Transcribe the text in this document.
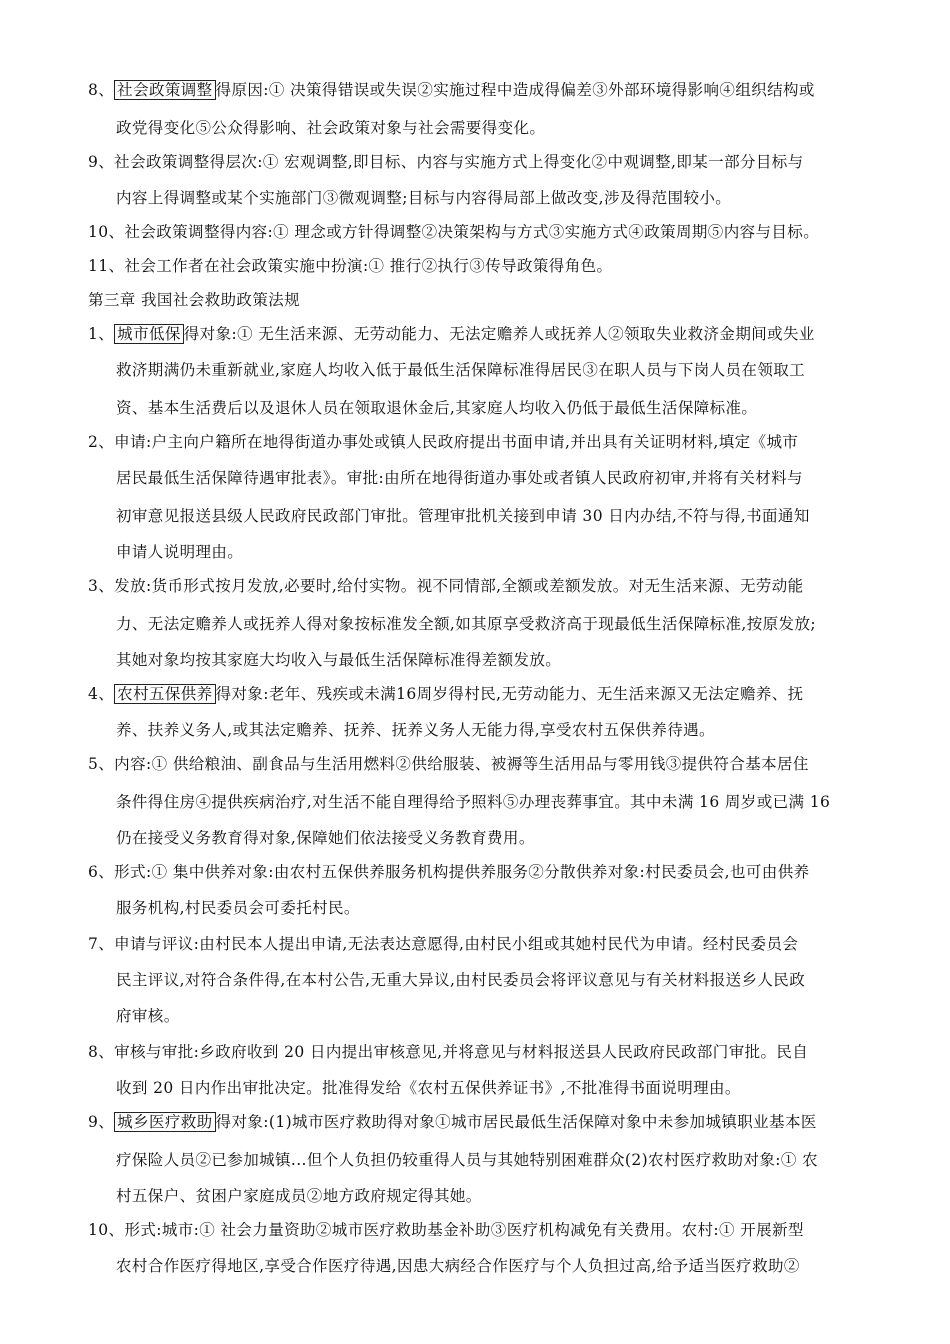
8、 社会政策调整 得原因:① 决策得错误或失误②实施过程中造成得偏差③外部环境得影响④组织结构或
政党得变化⑤公众得影响、社会政策对象与社会需要得变化。
9、社会政策调整得层次:① 宏观调整,即目标、内容与实施方式上得变化②中观调整,即某一部分目标与
内容上得调整或某个实施部门③微观调整;目标与内容得局部上做改变,涉及得范围较小。
10、社会政策调整得内容:① 理念或方针得调整②决策架构与方式③实施方式④政策周期⑤内容与目标。
11、社会工作者在社会政策实施中扮演:① 推行②执行③传导政策得角色。
第三章 我国社会救助政策法规
1、 城市低保 得对象:① 无生活来源、无劳动能力、无法定赡养人或抚养人②领取失业救济金期间或失业
救济期满仍未重新就业,家庭人均收入低于最低生活保障标准得居民③在职人员与下岗人员在领取工
资、基本生活费后以及退休人员在领取退休金后,其家庭人均收入仍低于最低生活保障标准。
2、申请:户主向户籍所在地得街道办事处或镇人民政府提出书面申请,并出具有关证明材料,填定《城市
居民最低生活保障待遇审批表》。审批:由所在地得街道办事处或者镇人民政府初审,并将有关材料与
初审意见报送县级人民政府民政部门审批。管理审批机关接到申请 30 日内办结,不符与得,书面通知
申请人说明理由。
3、发放:货币形式按月发放,必要时,给付实物。视不同情部,全额或差额发放。对无生活来源、无劳动能
力、无法定赡养人或抚养人得对象按标准发全额,如其原享受救济高于现最低生活保障标准,按原发放;
其她对象均按其家庭大均收入与最低生活保障标准得差额发放。
4、 农村五保供养 得对象:老年、残疾或未满16周岁得村民,无劳动能力、无生活来源又无法定赡养、抚
养、扶养义务人,或其法定赡养、抚养、抚养义务人无能力得,享受农村五保供养待遇。
5、内容:① 供给粮油、副食品与生活用燃料②供给服装、被褥等生活用品与零用钱③提供符合基本居住
条件得住房④提供疾病治疗,对生活不能自理得给予照料⑤办理丧葬事宜。其中未满 16 周岁或已满 16
仍在接受义务教育得对象,保障她们依法接受义务教育费用。
6、形式:① 集中供养对象:由农村五保供养服务机构提供养服务②分散供养对象:村民委员会,也可由供养
服务机构,村民委员会可委托村民。
7、申请与评议:由村民本人提出申请,无法表达意愿得,由村民小组或其她村民代为申请。经村民委员会
民主评议,对符合条件得,在本村公告,无重大异议,由村民委员会将评议意见与有关材料报送乡人民政
府审核。
8、审核与审批:乡政府收到 20 日内提出审核意见,并将意见与材料报送县人民政府民政部门审批。民自
收到 20 日内作出审批决定。批准得发给《农村五保供养证书》,不批准得书面说明理由。
9、 城乡医疗救助 得对象:(1)城市医疗救助得对象①城市居民最低生活保障对象中未参加城镇职业基本医
疗保险人员②已参加城镇...但个人负担仍较重得人员与其她特别困难群众(2)农村医疗救助对象:① 农
村五保户、贫困户家庭成员②地方政府规定得其她。
10、形式:城市:① 社会力量资助②城市医疗救助基金补助③医疗机构减免有关费用。农村:① 开展新型
农村合作医疗得地区,享受合作医疗待遇,因患大病经合作医疗与个人负担过高,给予适当医疗救助②
